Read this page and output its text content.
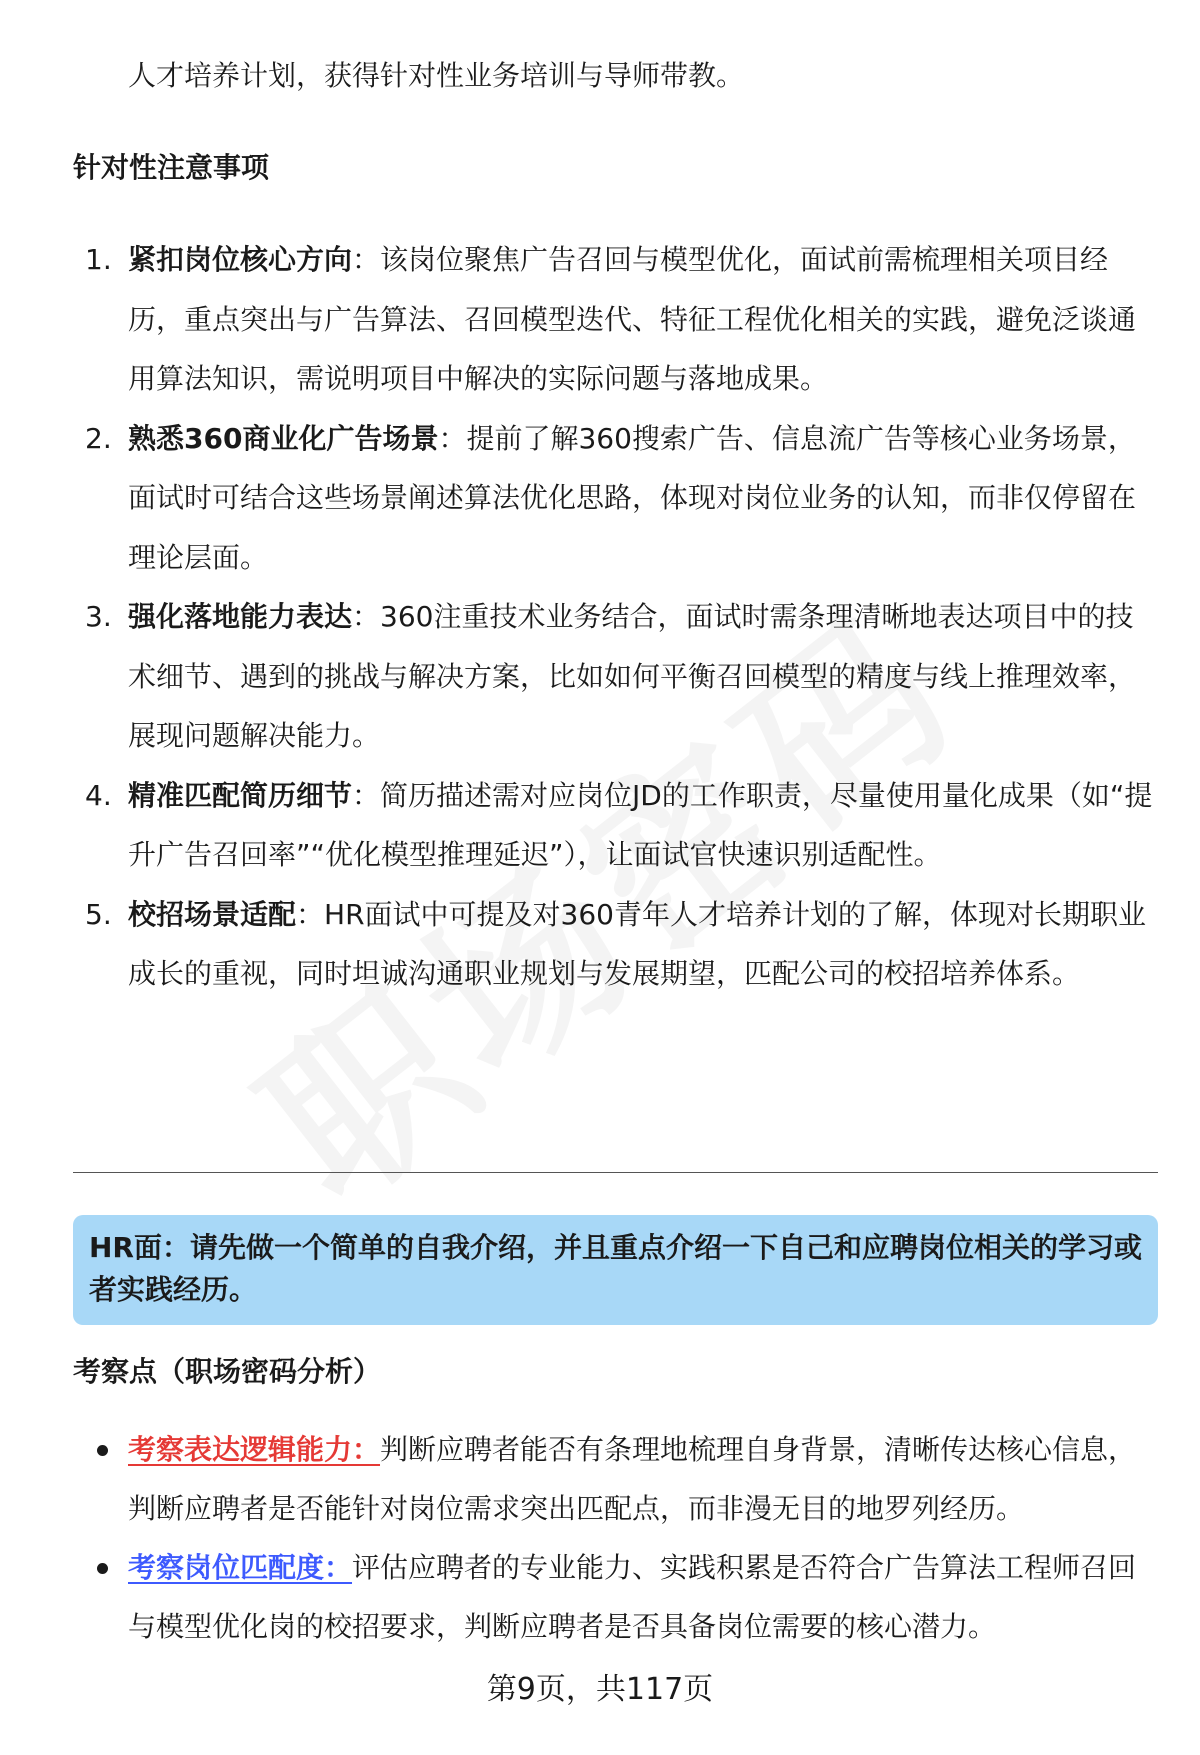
人才培养计划，获得针对性业务培训与导师带教。
针对性注意事项
1. 紧扣岗位核心方向：该岗位聚焦广告召回与模型优化，面试前需梳理相关项目经历，重点突出与广告算法、召回模型迭代、特征工程优化相关的实践，避免泛谈通用算法知识，需说明项目中解决的实际问题与落地成果。
2. 熟悉360商业化广告场景：提前了解360搜索广告、信息流广告等核心业务场景，面试时可结合这些场景阐述算法优化思路，体现对岗位业务的认知，而非仅停留在理论层面。
3. 强化落地能力表达：360注重技术业务结合，面试时需条理清晰地表达项目中的技术细节、遇到的挑战与解决方案，比如如何平衡召回模型的精度与线上推理效率，展现问题解决能力。
4. 精准匹配简历细节：简历描述需对应岗位JD的工作职责，尽量使用量化成果（如“提升广告召回率”“优化模型推理延迟”），让面试官快速识别适配性。
5. 校招场景适配：HR面试中可提及对360青年人才培养计划的了解，体现对长期职业成长的重视，同时坦诚沟通职业规划与发展期望，匹配公司的校招培养体系。
HR面：请先做一个简单的自我介绍，并且重点介绍一下自己和应聘岗位相关的学习或者实践经历。
考察点（职场密码分析）
考察表达逻辑能力：判断应聘者能否有条理地梳理自身背景，清晰传达核心信息，判断应聘者是否能针对岗位需求突出匹配点，而非漫无目的地罗列经历。
考察岗位匹配度：评估应聘者的专业能力、实践积累是否符合广告算法工程师召回与模型优化岗的校招要求，判断应聘者是否具备岗位需要的核心潜力。
第9页，共117页
